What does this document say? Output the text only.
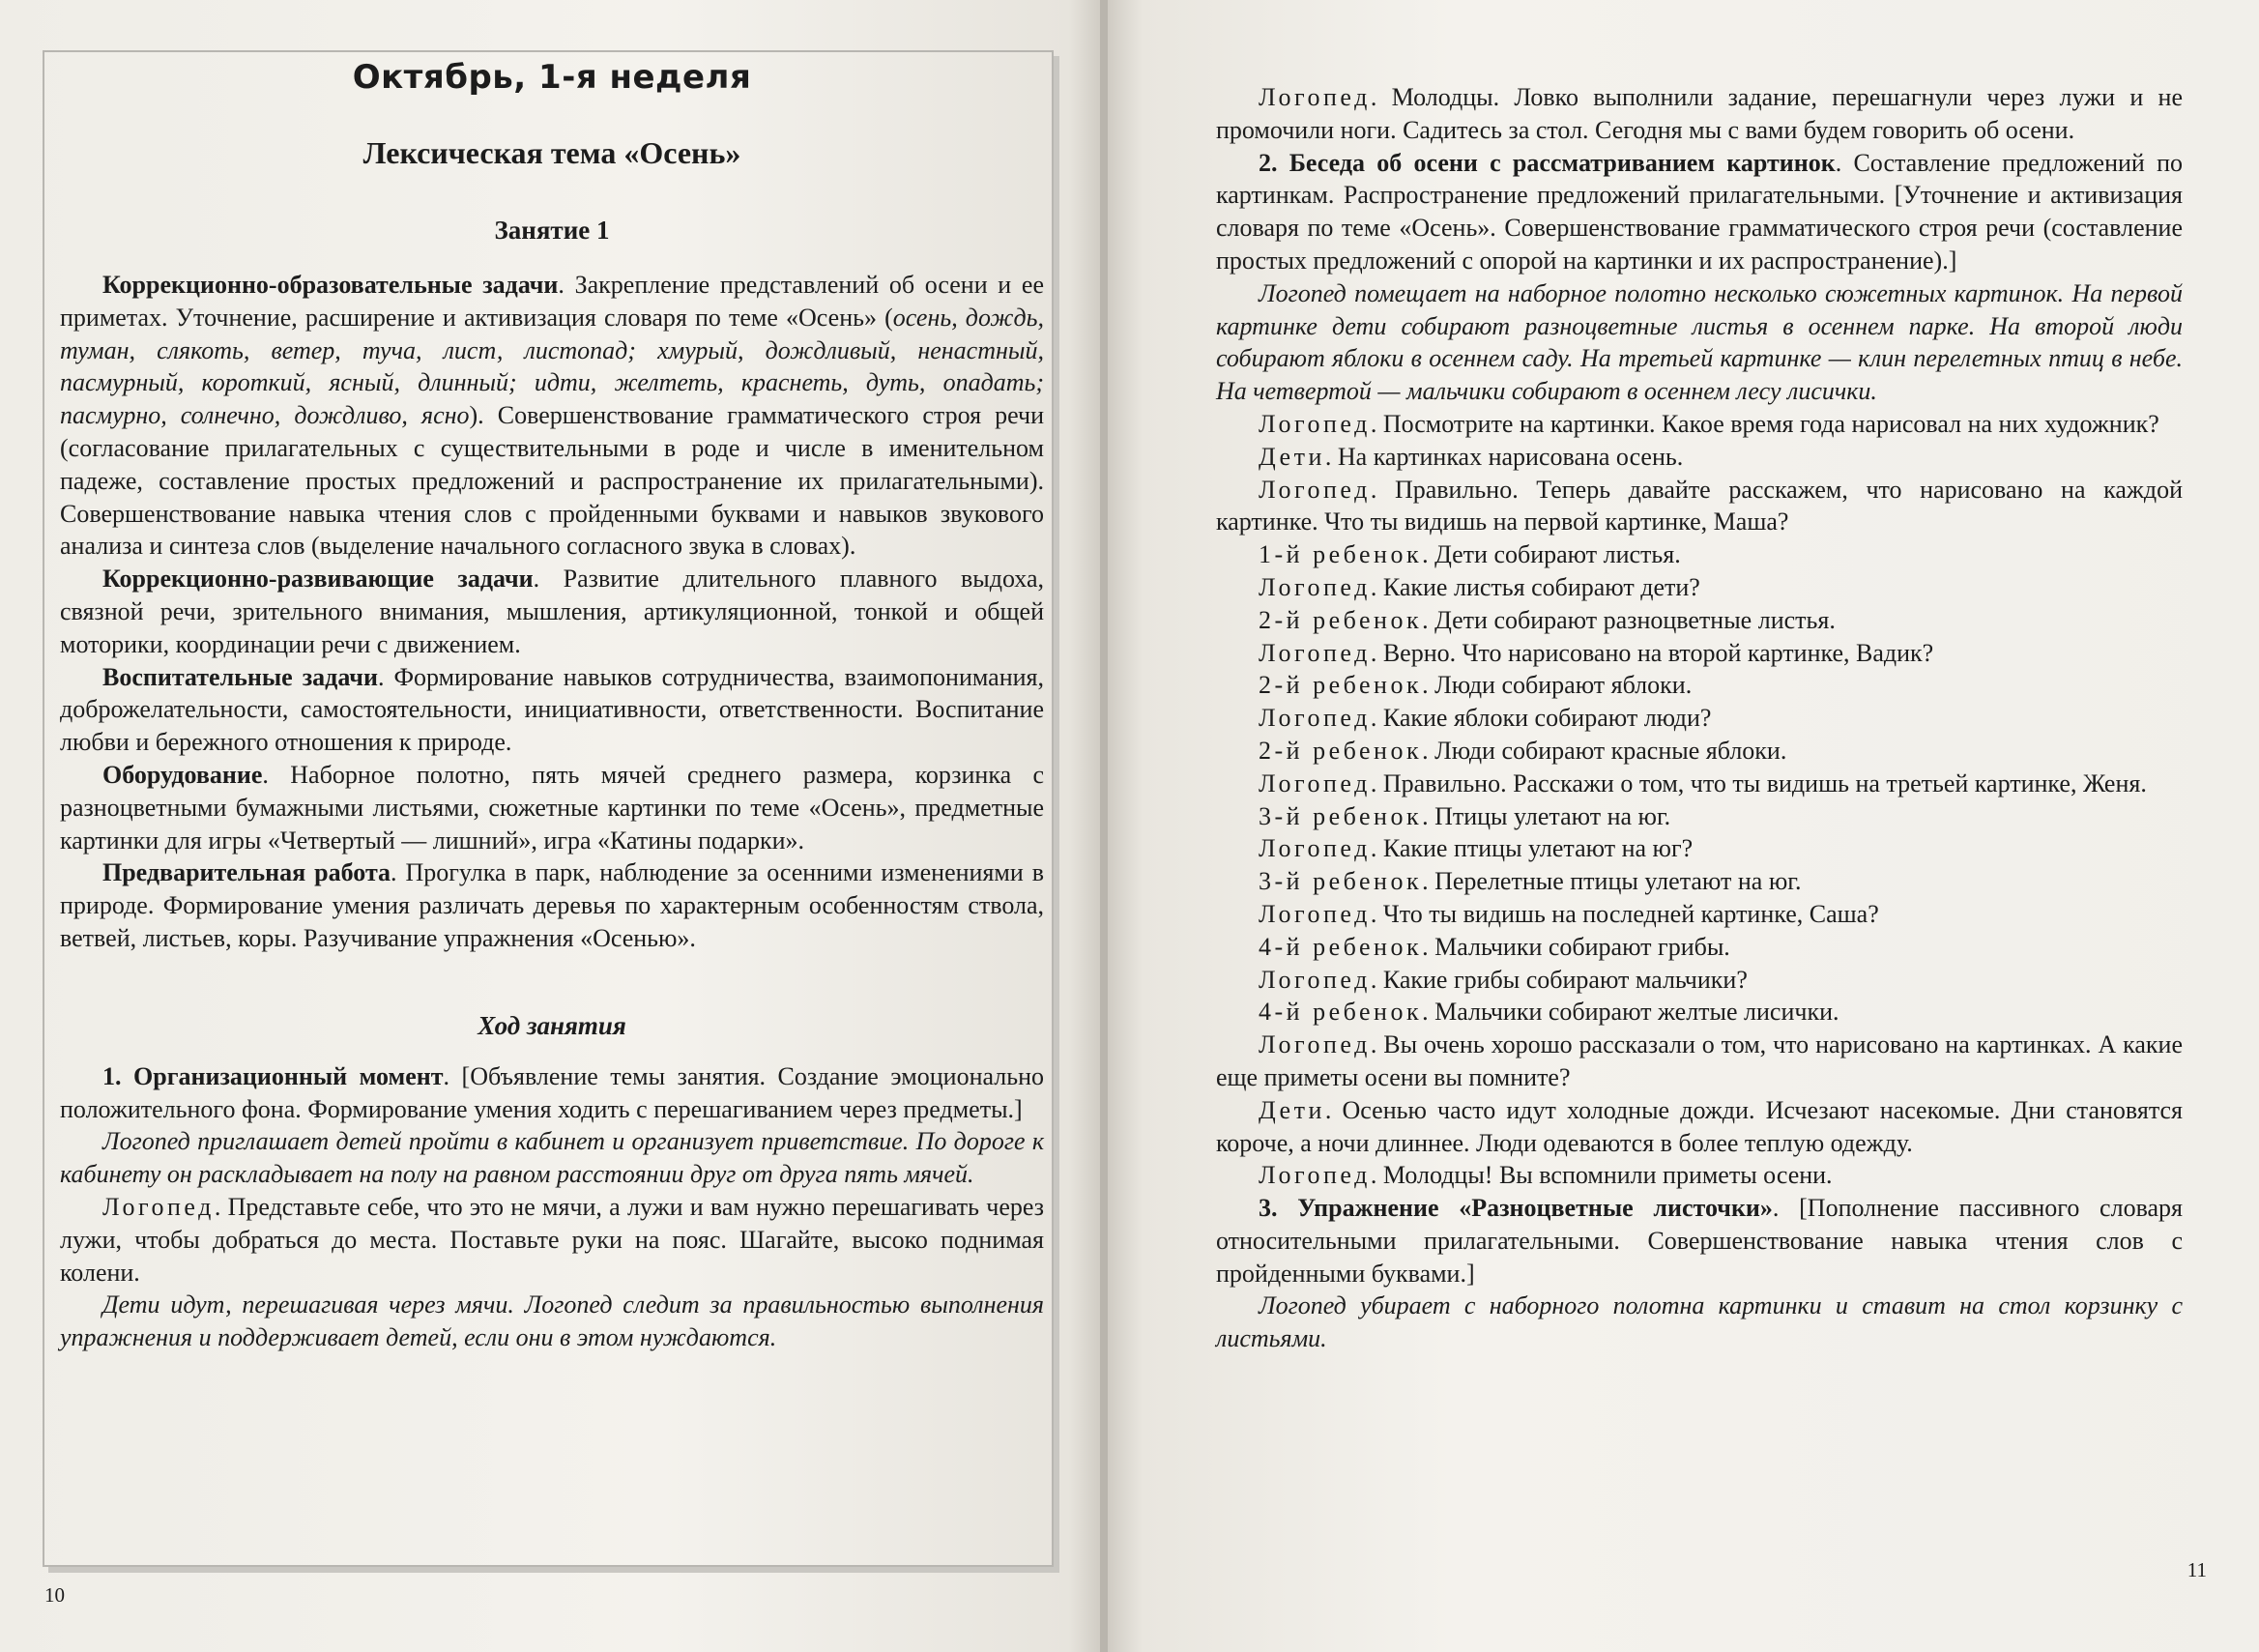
Октябрь, 1-я неделя
Лексическая тема «Осень»
Занятие 1

Коррекционно-образовательные задачи. Закрепление представлений об осени и ее приметах. Уточнение, расширение и активизация словаря по теме «Осень» (осень, дождь, туман, слякоть, ветер, туча, лист, листопад; хмурый, дождливый, ненастный, пасмурный, короткий, ясный, длинный; идти, желтеть, краснеть, дуть, опадать; пасмурно, солнечно, дождливо, ясно). Совершенствование грамматического строя речи (согласование прилагательных с существительными в роде и числе в именительном падеже, составление простых предложений и распространение их прилагательными). Совершенствование навыка чтения слов с пройденными буквами и навыков звукового анализа и синтеза слов (выделение начального согласного звука в словах).

Коррекционно-развивающие задачи. Развитие длительного плавного выдоха, связной речи, зрительного внимания, мышления, артикуляционной, тонкой и общей моторики, координации речи с движением.

Воспитательные задачи. Формирование навыков сотрудничества, взаимопонимания, доброжелательности, самостоятельности, инициативности, ответственности. Воспитание любви и бережного отношения к природе.

Оборудование. Наборное полотно, пять мячей среднего размера, корзинка с разноцветными бумажными листьями, сюжетные картинки по теме «Осень», предметные картинки для игры «Четвертый — лишний», игра «Катины подарки».

Предварительная работа. Прогулка в парк, наблюдение за осенними изменениями в природе. Формирование умения различать деревья по характерным особенностям ствола, ветвей, листьев, коры. Разучивание упражнения «Осенью».

Ход занятия

1. Организационный момент. [Объявление темы занятия. Создание эмоционально положительного фона. Формирование умения ходить с перешагиванием через предметы.]

Логопед приглашает детей пройти в кабинет и организует приветствие. По дороге к кабинету он раскладывает на полу на равном расстоянии друг от друга пять мячей.

Логопед. Представьте себе, что это не мячи, а лужи и вам нужно перешагивать через лужи, чтобы добраться до места. Поставьте руки на пояс. Шагайте, высоко поднимая колени.

Дети идут, перешагивая через мячи. Логопед следит за правильностью выполнения упражнения и поддерживает детей, если они в этом нуждаются.

10

Логопед. Молодцы. Ловко выполнили задание, перешагнули через лужи и не промочили ноги. Садитесь за стол. Сегодня мы с вами будем говорить об осени.

2. Беседа об осени с рассматриванием картинок. Составление предложений по картинкам. Распространение предложений прилагательными. [Уточнение и активизация словаря по теме «Осень». Совершенствование грамматического строя речи (составление простых предложений с опорой на картинки и их распространение).]

Логопед помещает на наборное полотно несколько сюжетных картинок. На первой картинке дети собирают разноцветные листья в осеннем парке. На второй люди собирают яблоки в осеннем саду. На третьей картинке — клин перелетных птиц в небе. На четвертой — мальчики собирают в осеннем лесу лисички.

Логопед. Посмотрите на картинки. Какое время года нарисовал на них художник?

Дети. На картинках нарисована осень.

Логопед. Правильно. Теперь давайте расскажем, что нарисовано на каждой картинке. Что ты видишь на первой картинке, Маша?

1-й ребенок. Дети собирают листья.

Логопед. Какие листья собирают дети?

2-й ребенок. Дети собирают разноцветные листья.

Логопед. Верно. Что нарисовано на второй картинке, Вадик?

2-й ребенок. Люди собирают яблоки.

Логопед. Какие яблоки собирают люди?

2-й ребенок. Люди собирают красные яблоки.

Логопед. Правильно. Расскажи о том, что ты видишь на третьей картинке, Женя.

3-й ребенок. Птицы улетают на юг.

Логопед. Какие птицы улетают на юг?

3-й ребенок. Перелетные птицы улетают на юг.

Логопед. Что ты видишь на последней картинке, Саша?

4-й ребенок. Мальчики собирают грибы.

Логопед. Какие грибы собирают мальчики?

4-й ребенок. Мальчики собирают желтые лисички.

Логопед. Вы очень хорошо рассказали о том, что нарисовано на картинках. А какие еще приметы осени вы помните?

Дети. Осенью часто идут холодные дожди. Исчезают насекомые. Дни становятся короче, а ночи длиннее. Люди одеваются в более теплую одежду.

Логопед. Молодцы! Вы вспомнили приметы осени.

3. Упражнение «Разноцветные листочки». [Пополнение пассивного словаря относительными прилагательными. Совершенствование навыка чтения слов с пройденными буквами.]

Логопед убирает с наборного полотна картинки и ставит на стол корзинку с листьями.

11
